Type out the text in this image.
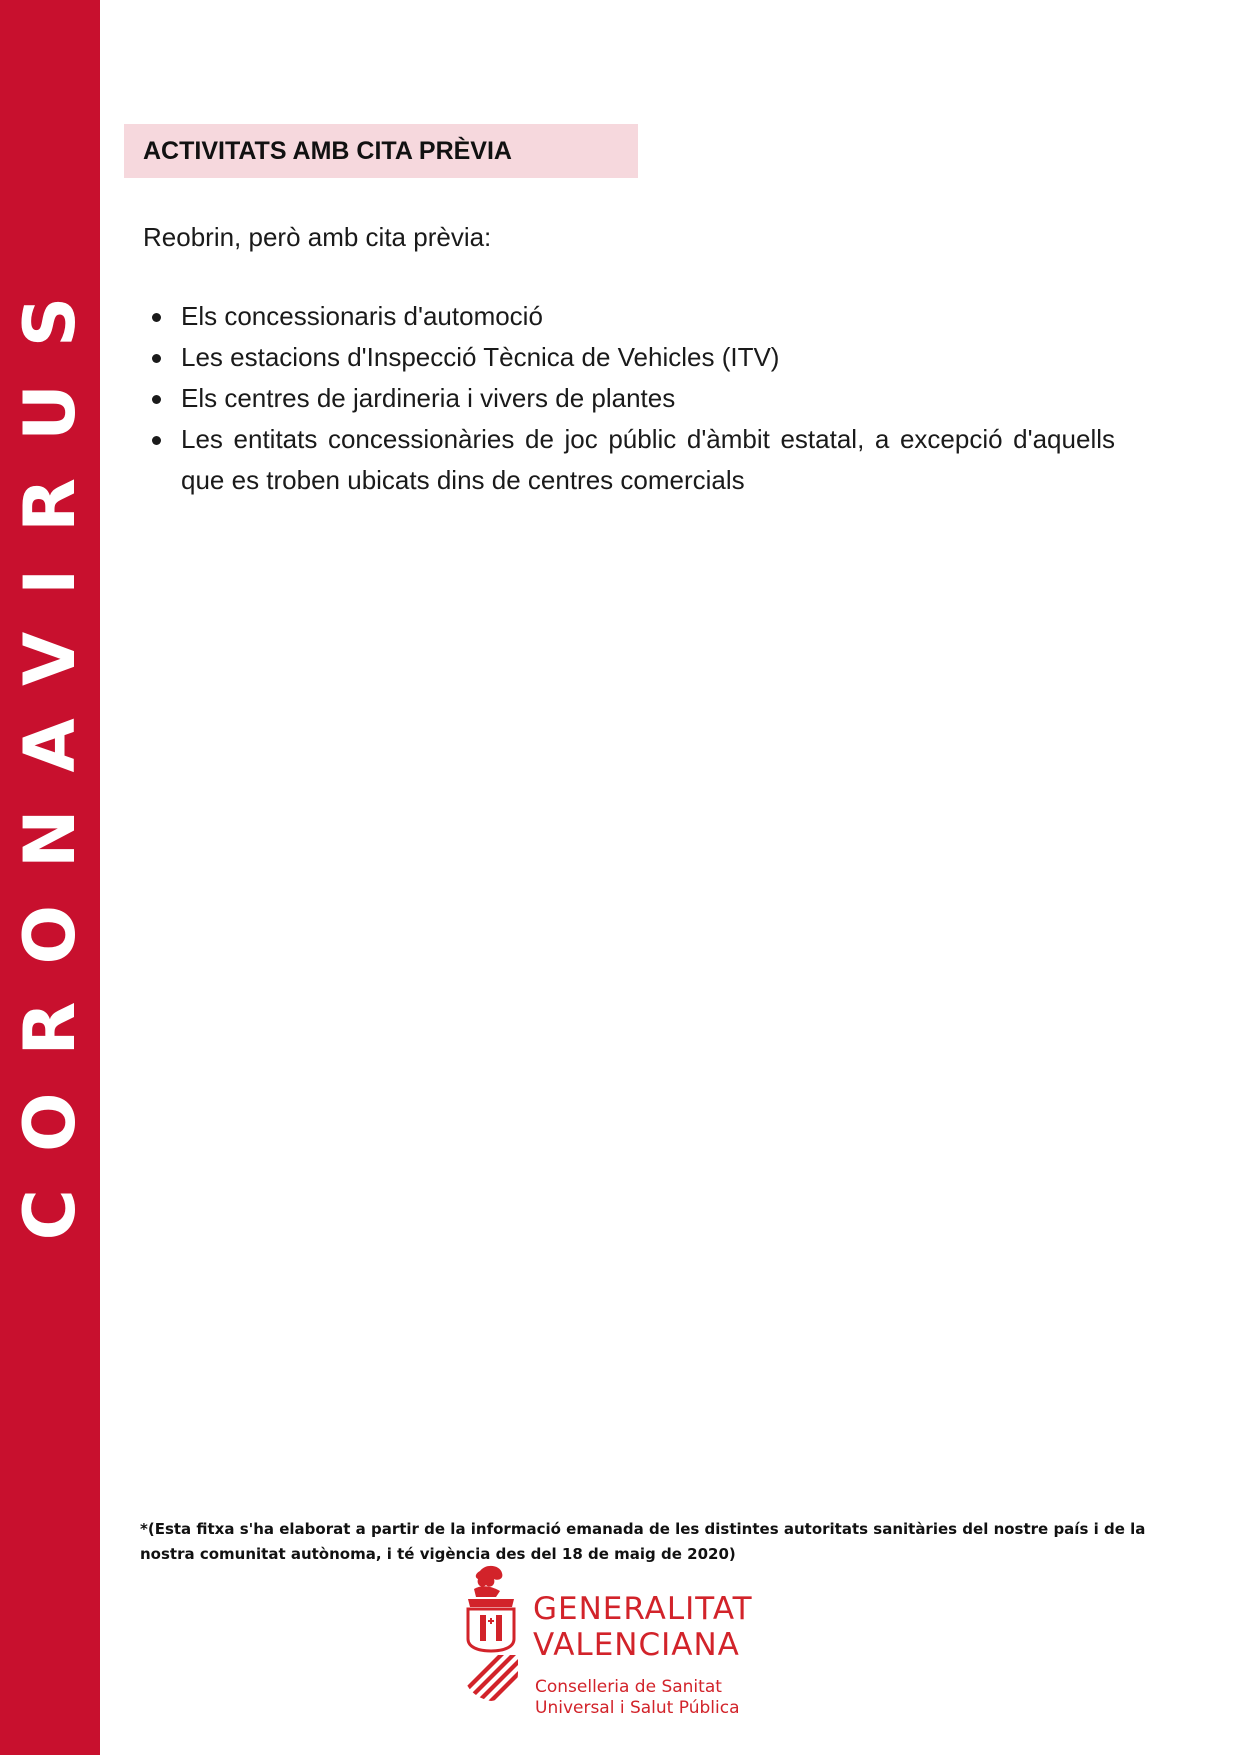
CORONAVIRUS
ACTIVITATS AMB CITA PRÈVIA
Reobrin, però amb cita prèvia:
Els concessionaris d'automoció
Les estacions d'Inspecció Tècnica de Vehicles (ITV)
Els centres de jardineria i vivers de plantes
Les entitats concessionàries de joc públic d'àmbit estatal, a excepció d'aquells que es troben ubicats dins de centres comercials
*(Esta fitxa s'ha elaborat a partir de la informació emanada de les distintes autoritats sanitàries del nostre país i de la
nostra comunitat autònoma, i té vigència des del 18 de maig de 2020)
GENERALITAT
VALENCIANA
Conselleria de Sanitat
Universal i Salut Pública
